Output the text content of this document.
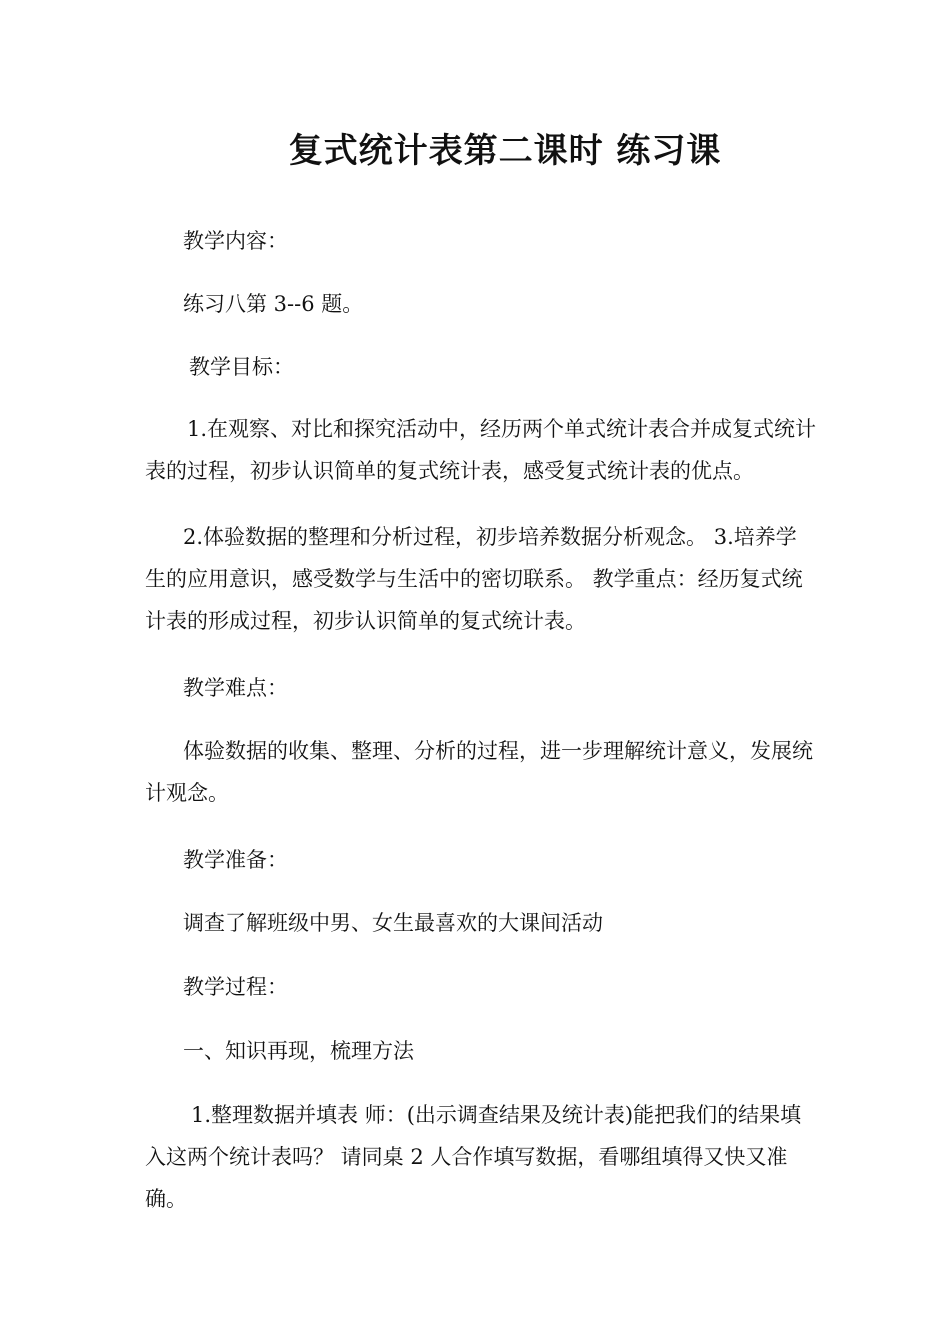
复式统计表第二课时 练习课
教学内容：
练习八第 3--6 题。
教学目标：
1.在观察、对比和探究活动中，经历两个单式统计表合并成复式统计表的过程，初步认识简单的复式统计表，感受复式统计表的优点。
2.体验数据的整理和分析过程，初步培养数据分析观念。 3.培养学生的应用意识，感受数学与生活中的密切联系。 教学重点：经历复式统计表的形成过程，初步认识简单的复式统计表。
教学难点：
体验数据的收集、整理、分析的过程，进一步理解统计意义，发展统计观念。
教学准备：
调查了解班级中男、女生最喜欢的大课间活动
教学过程：
一、知识再现，梳理方法
1.整理数据并填表 师：(出示调查结果及统计表)能把我们的结果填入这两个统计表吗？ 请同桌 2 人合作填写数据，看哪组填得又快又准确。
